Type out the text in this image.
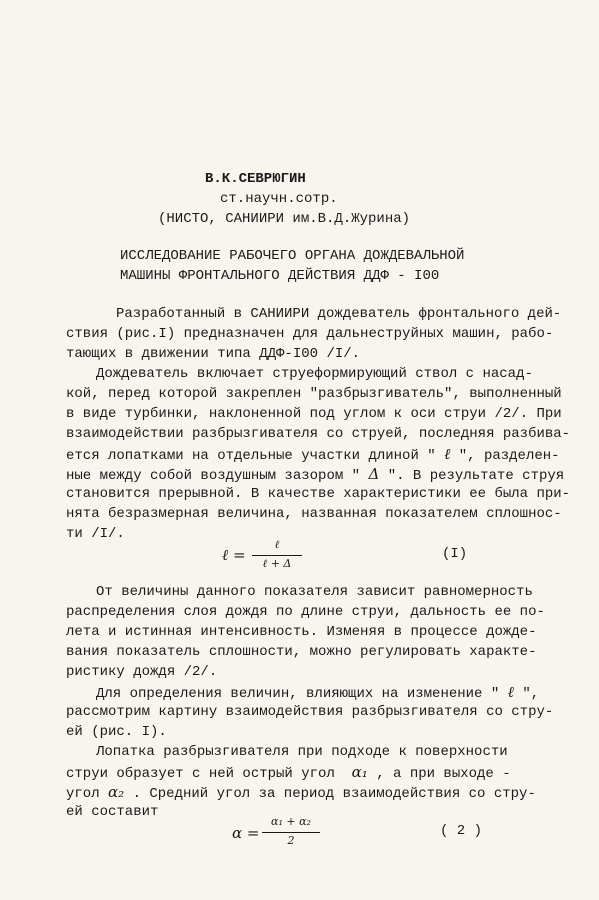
В.К.СЕВРЮГИН
ст.научн.сотр.
(НИСТО, САНИИРИ им.В.Д.Журина)
ИССЛЕДОВАНИЕ РАБОЧЕГО ОРГАНА ДОЖДЕВАЛЬНОЙ
МАШИНЫ ФРОНТАЛЬНОГО ДЕЙСТВИЯ ДДФ - I00
Разработанный в САНИИРИ дождеватель фронтального дей-
ствия (рис.I) предназначен для дальнеструйных машин, рабо-
тающих в движении типа ДДФ-I00 /I/.
Дождеватель включает струеформирующий ствол с насад-
кой, перед которой закреплен "разбрызгиватель", выполненный
в виде турбинки, наклоненной под углом к оси струи /2/. При
взаимодействии разбрызгивателя со струей, последняя разбива-
ется лопатками на отдельные участки длиной " ℓ ", разделен-
ные между собой воздушным зазором " Δ ". В результате струя
становится прерывной. В качестве характеристики ее была при-
нята безразмерная величина, названная показателем сплошнос-
ти /I/.
ℓ =
ℓ
ℓ + Δ
(I)
От величины данного показателя зависит равномерность
распределения слоя дождя по длине струи, дальность ее по-
лета и истинная интенсивность. Изменяя в процессе дожде-
вания показатель сплошности, можно регулировать характе-
ристику дождя /2/.
Для определения величин, влияющих на изменение " ℓ ",
рассмотрим картину взаимодействия разбрызгивателя со стру-
ей (рис. I).
Лопатка разбрызгивателя при подходе к поверхности
струи образует с ней острый угол α₁ , а при выходе -
угол α₂ . Средний угол за период взаимодействия со стру-
ей составит
α =
α₁ + α₂
2
( 2 )
